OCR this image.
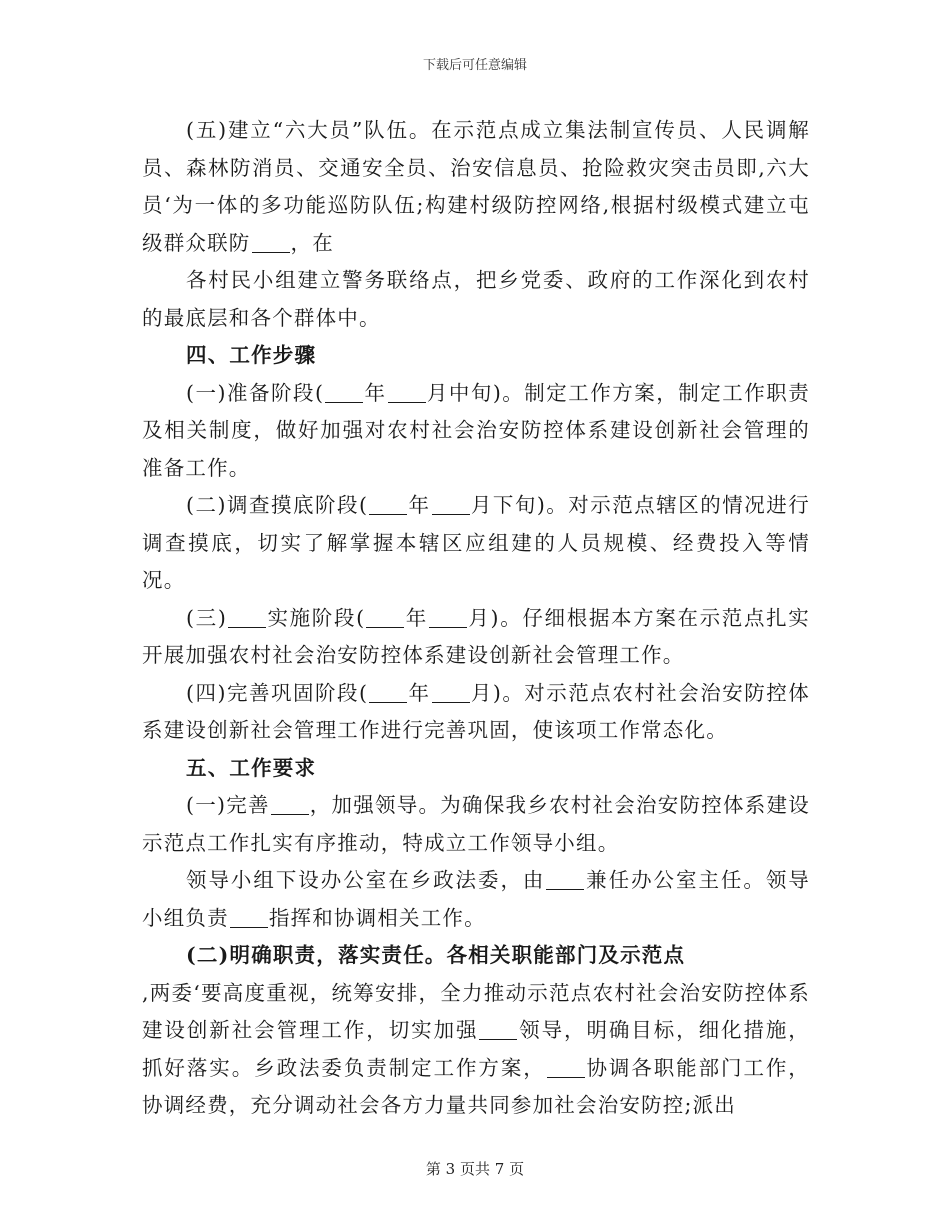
下载后可任意编辑

(五)建立“六大员”队伍。在示范点成立集法制宣传员、人民调解员、森林防消员、交通安全员、治安信息员、抢险救灾突击员即,六大员‘为一体的多功能巡防队伍;构建村级防控网络,根据村级模式建立屯级群众联防 ，在

各村民小组建立警务联络点，把乡党委、政府的工作深化到农村的最底层和各个群体中。

四、工作步骤

(一)准备阶段( 年 月中旬)。制定工作方案，制定工作职责及相关制度，做好加强对农村社会治安防控体系建设创新社会管理的准备工作。

(二)调查摸底阶段( 年 月下旬)。对示范点辖区的情况进行调查摸底，切实了解掌握本辖区应组建的人员规模、经费投入等情况。

(三) 实施阶段( 年 月)。仔细根据本方案在示范点扎实开展加强农村社会治安防控体系建设创新社会管理工作。

(四)完善巩固阶段( 年 月)。对示范点农村社会治安防控体系建设创新社会管理工作进行完善巩固，使该项工作常态化。

五、工作要求

(一)完善 ，加强领导。为确保我乡农村社会治安防控体系建设示范点工作扎实有序推动，特成立工作领导小组。

领导小组下设办公室在乡政法委，由 兼任办公室主任。领导小组负责 指挥和协调相关工作。

(二)明确职责，落实责任。各相关职能部门及示范点

,两委‘要高度重视，统筹安排，全力推动示范点农村社会治安防控体系建设创新社会管理工作，切实加强 领导，明确目标，细化措施，抓好落实。乡政法委负责制定工作方案， 协调各职能部门工作，协调经费，充分调动社会各方力量共同参加社会治安防控;派出

第 3 页共 7 页
